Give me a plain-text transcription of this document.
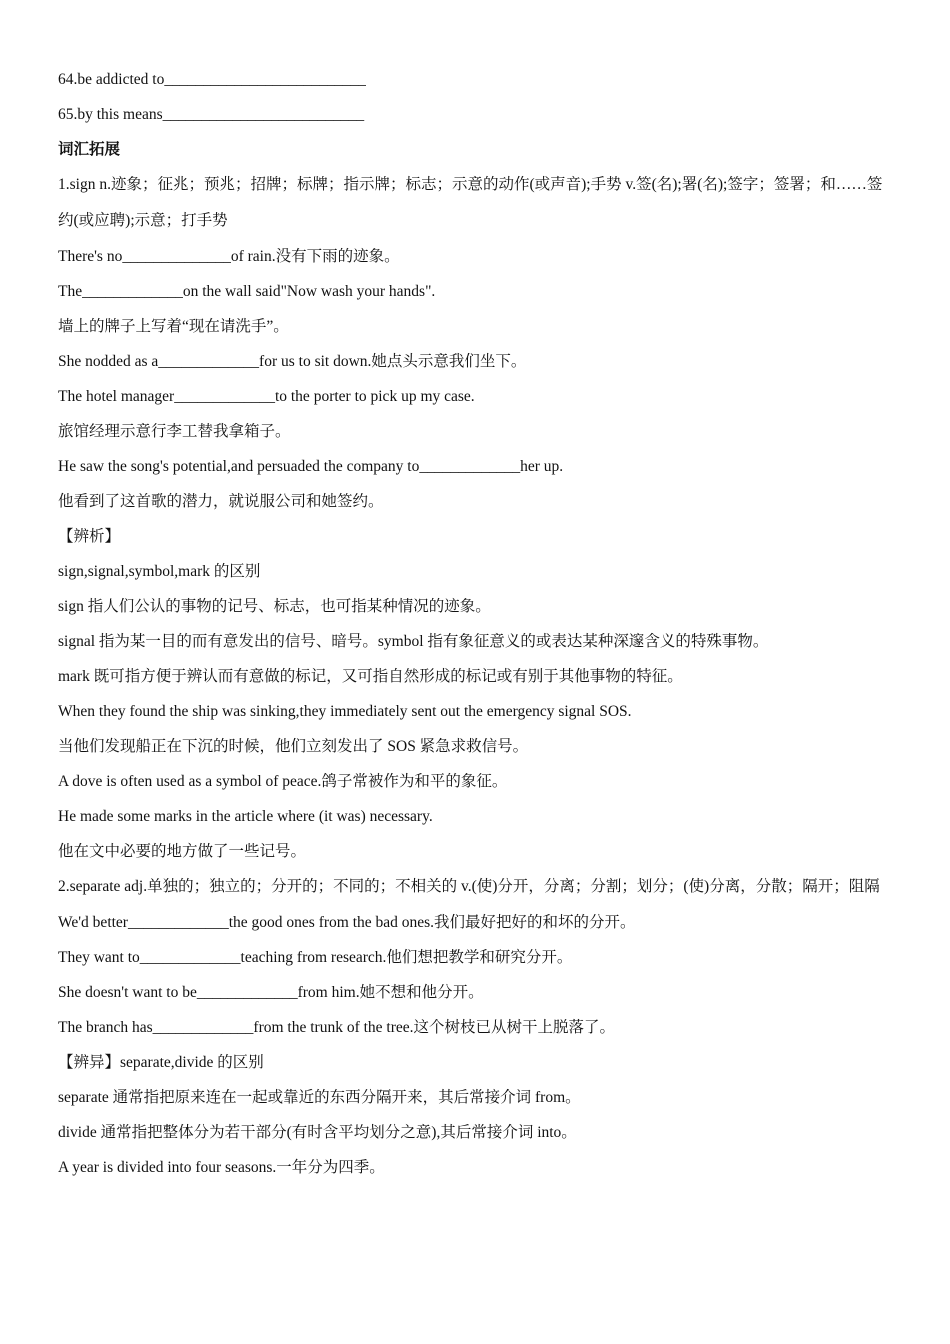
64.be addicted to__________________________
65.by this means__________________________
词汇拓展
1.sign n.迹象；征兆；预兆；招牌；标牌；指示牌；标志；示意的动作(或声音);手势 v.签(名);署(名);签字；签署；和……签约(或应聘);示意；打手势
There's no______________of rain.没有下雨的迹象。
The_____________on the wall said"Now wash your hands".
墙上的牌子上写着“现在请洗手”。
She nodded as a_____________for us to sit down.她点头示意我们坐下。
The hotel manager_____________to the porter to pick up my case.
旅馆经理示意行李工替我拿箱子。
He saw the song's potential,and persuaded the company to_____________her up.
他看到了这首歌的潜力，就说服公司和她签约。
【辨析】
sign,signal,symbol,mark 的区别
sign 指人们公认的事物的记号、标志，也可指某种情况的迹象。
signal 指为某一目的而有意发出的信号、暗号。symbol 指有象征意义的或表达某种深邃含义的特殊事物。
mark 既可指方便于辨认而有意做的标记，又可指自然形成的标记或有别于其他事物的特征。
When they found the ship was sinking,they immediately sent out the emergency signal SOS.
当他们发现船正在下沉的时候，他们立刻发出了 SOS 紧急求救信号。
A dove is often used as a symbol of peace.鸽子常被作为和平的象征。
He made some marks in the article where (it was) necessary.
他在文中必要的地方做了一些记号。
2.separate adj.单独的；独立的；分开的；不同的；不相关的 v.(使)分开，分离；分割；划分；(使)分离，分散；隔开；阻隔
We'd better_____________the good ones from the bad ones.我们最好把好的和坏的分开。
They want to_____________teaching from research.他们想把教学和研究分开。
She doesn't want to be_____________from him.她不想和他分开。
The branch has_____________from the trunk of the tree.这个树枝已从树干上脱落了。
【辨异】separate,divide 的区别
separate 通常指把原来连在一起或靠近的东西分隔开来，其后常接介词 from。
divide 通常指把整体分为若干部分(有时含平均划分之意),其后常接介词 into。
A year is divided into four seasons.一年分为四季。
